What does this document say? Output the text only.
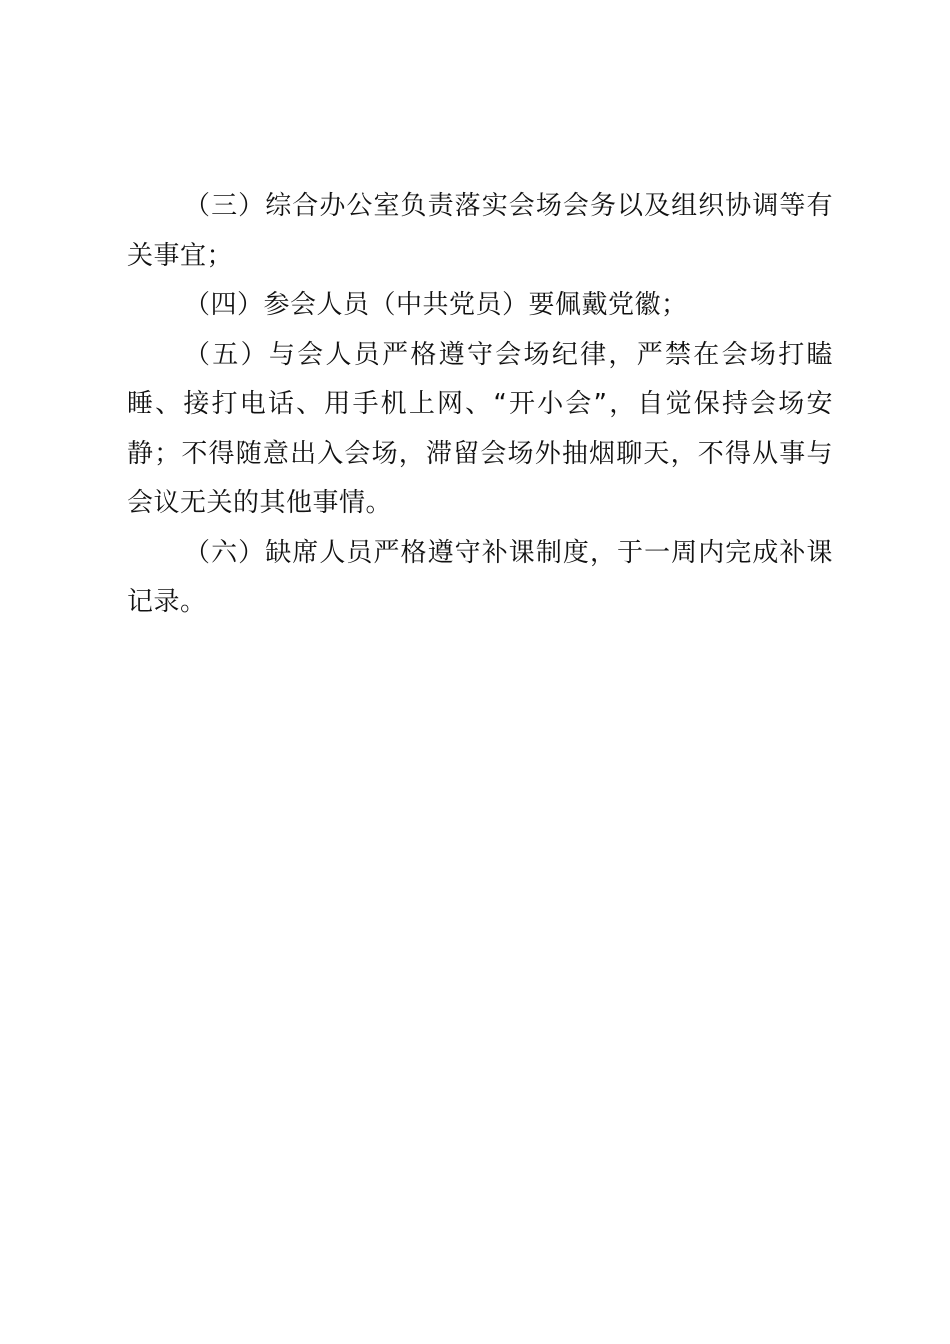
（三）综合办公室负责落实会场会务以及组织协调等有关事宜；

（四）参会人员（中共党员）要佩戴党徽；

（五）与会人员严格遵守会场纪律，严禁在会场打瞌睡、接打电话、用手机上网、“开小会”，自觉保持会场安静；不得随意出入会场，滞留会场外抽烟聊天，不得从事与会议无关的其他事情。

（六）缺席人员严格遵守补课制度，于一周内完成补课记录。
